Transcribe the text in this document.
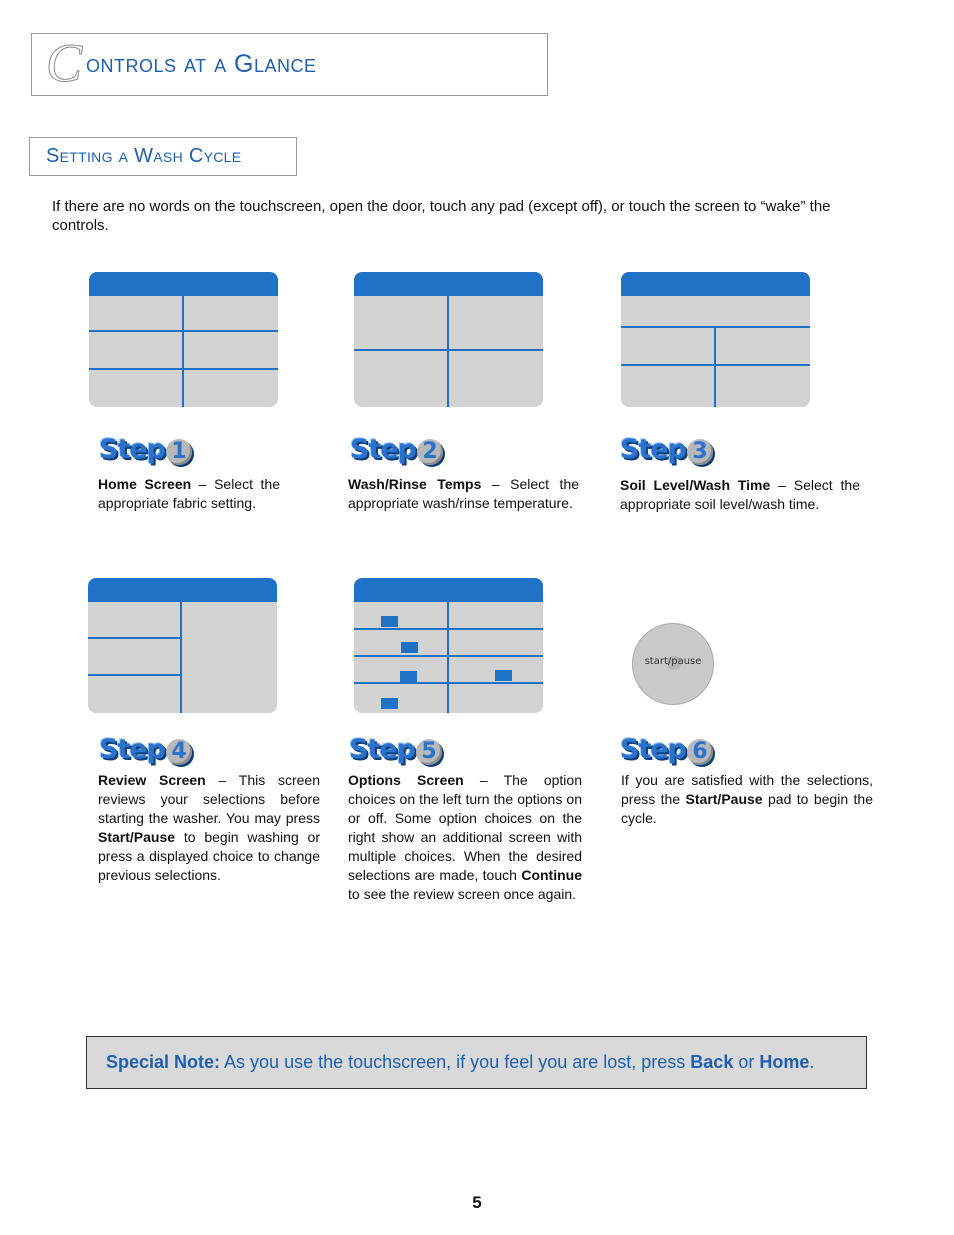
C ontrols at a Glance
Setting a Wash Cycle
If there are no words on the touchscreen, open the door, touch any pad (except off), or touch the screen to “wake” the controls.
Step 1	Step 2	Step 3
Step 4	Step 5	Step 6
Home Screen – Select the appropriate fabric setting.
Wash/Rinse Temps – Select the appropriate wash/rinse temperature.
Soil Level/Wash Time – Select the appropriate soil level/wash time.
Review Screen – This screen reviews your selections before starting the washer. You may press Start/Pause to begin washing or press a displayed choice to change previous selections.
Options Screen – The option choices on the left turn the options on or off. Some option choices on the right show an additional screen with multiple choices. When the desired selections are made, touch Continue to see the review screen once again.
If you are satisfied with the selections, press the Start/Pause pad to begin the cycle.
start/pause
Special Note: As you use the touchscreen, if you feel you are lost, press Back or Home.
5
